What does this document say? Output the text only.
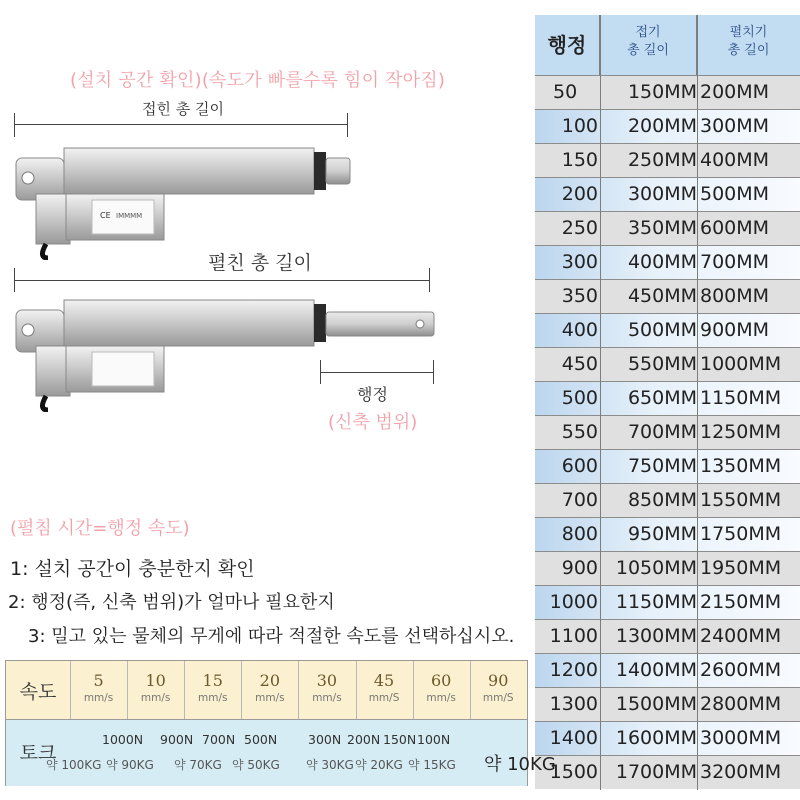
(설치 공간 확인)(속도가 빠를수록 힘이 작아짐)
접힌 총 길이
CE IMMMM
펼친 총 길이
행정
(신축 범위)
(펼침 시간=행정 속도)
1: 설치 공간이 충분한지 확인
2: 행정(즉, 신축 범위)가 얼마나 필요한지
3: 밀고 있는 물체의 무게에 따라 적절한 속도를 선택하십시오.
행정
접기
총 길이
펼치기
총 길이
50	150MM 200MM
100	200MM 300MM
150	250MM 400MM
200	300MM 500MM
250	350MM 600MM
300	400MM 700MM
350	450MM 800MM
400	500MM 900MM
450	550MM 1000MM
500	650MM 1150MM
550	700MM 1250MM
600	750MM 1350MM
700	850MM 1550MM
800	950MM 1750MM
900 1050MM 1950MM
1000 1150MM 2150MM
1100 1300MM 2400MM
1200 1400MM 2600MM
1300 1500MM 2800MM
1400 1600MM 3000MM
1500 1700MM 3200MM
속도
5
mm/s
10
mm/s
15
mm/s
20
mm/s
30
mm/s
45
mm/S
60
mm/s
90
mm/S
토크
1000N 900N 700N 500N 300N 200N 150N 100N
약 100KG 약 90KG 약 70KG 약 50KG 약 30KG 약 20KG 약 15KG 약 10KG
